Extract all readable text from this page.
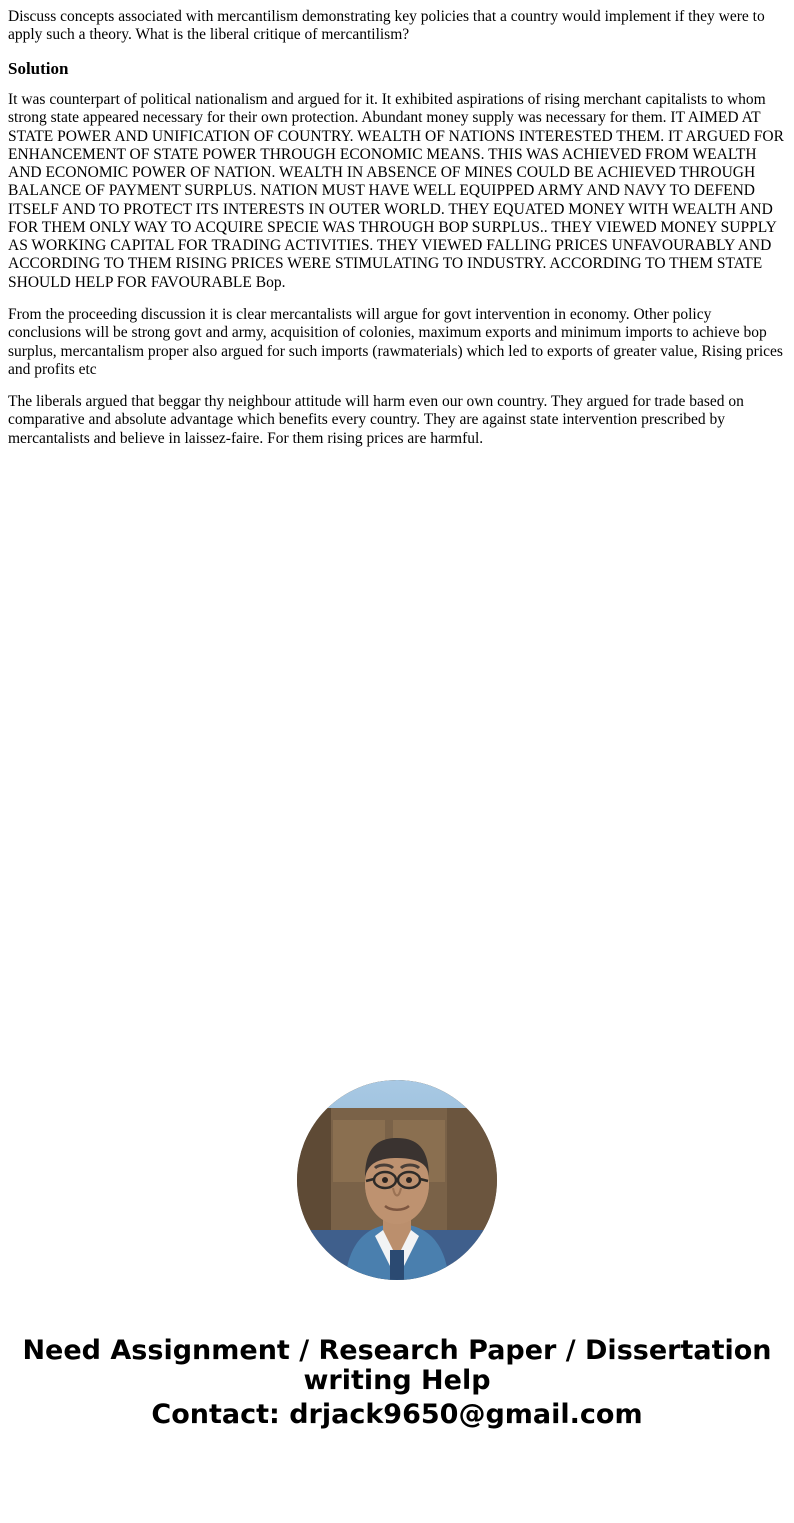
Discuss concepts associated with mercantilism demonstrating key policies that a country would implement if they were to apply such a theory. What is the liberal critique of mercantilism?

Solution

It was counterpart of political nationalism and argued for it. It exhibited aspirations of rising merchant capitalists to whom strong state appeared necessary for their own protection. Abundant money supply was necessary for them. IT AIMED AT STATE POWER AND UNIFICATION OF COUNTRY. WEALTH OF NATIONS INTERESTED THEM. IT ARGUED FOR ENHANCEMENT OF STATE POWER THROUGH ECONOMIC MEANS. THIS WAS ACHIEVED FROM WEALTH AND ECONOMIC POWER OF NATION. WEALTH IN ABSENCE OF MINES COULD BE ACHIEVED THROUGH BALANCE OF PAYMENT SURPLUS. NATION MUST HAVE WELL EQUIPPED ARMY AND NAVY TO DEFEND ITSELF AND TO PROTECT ITS INTERESTS IN OUTER WORLD. THEY EQUATED MONEY WITH WEALTH AND FOR THEM ONLY WAY TO ACQUIRE SPECIE WAS THROUGH BOP SURPLUS.. THEY VIEWED MONEY SUPPLY AS WORKING CAPITAL FOR TRADING ACTIVITIES. THEY VIEWED FALLING PRICES UNFAVOURABLY AND ACCORDING TO THEM RISING PRICES WERE STIMULATING TO INDUSTRY. ACCORDING TO THEM STATE SHOULD HELP FOR FAVOURABLE Bop.

From the proceeding discussion it is clear mercantalists will argue for govt intervention in economy. Other policy conclusions will be strong govt and army, acquisition of colonies, maximum exports and minimum imports to achieve bop surplus, mercantalism proper also argued for such imports (rawmaterials) which led to exports of greater value, Rising prices and profits etc

The liberals argued that beggar thy neighbour attitude will harm even our own country. They argued for trade based on comparative and absolute advantage which benefits every country. They are against state intervention prescribed by mercantalists and believe in laissez-faire. For them rising prices are harmful.

Need Assignment / Research Paper / Dissertation writing Help
Contact: drjack9650@gmail.com
